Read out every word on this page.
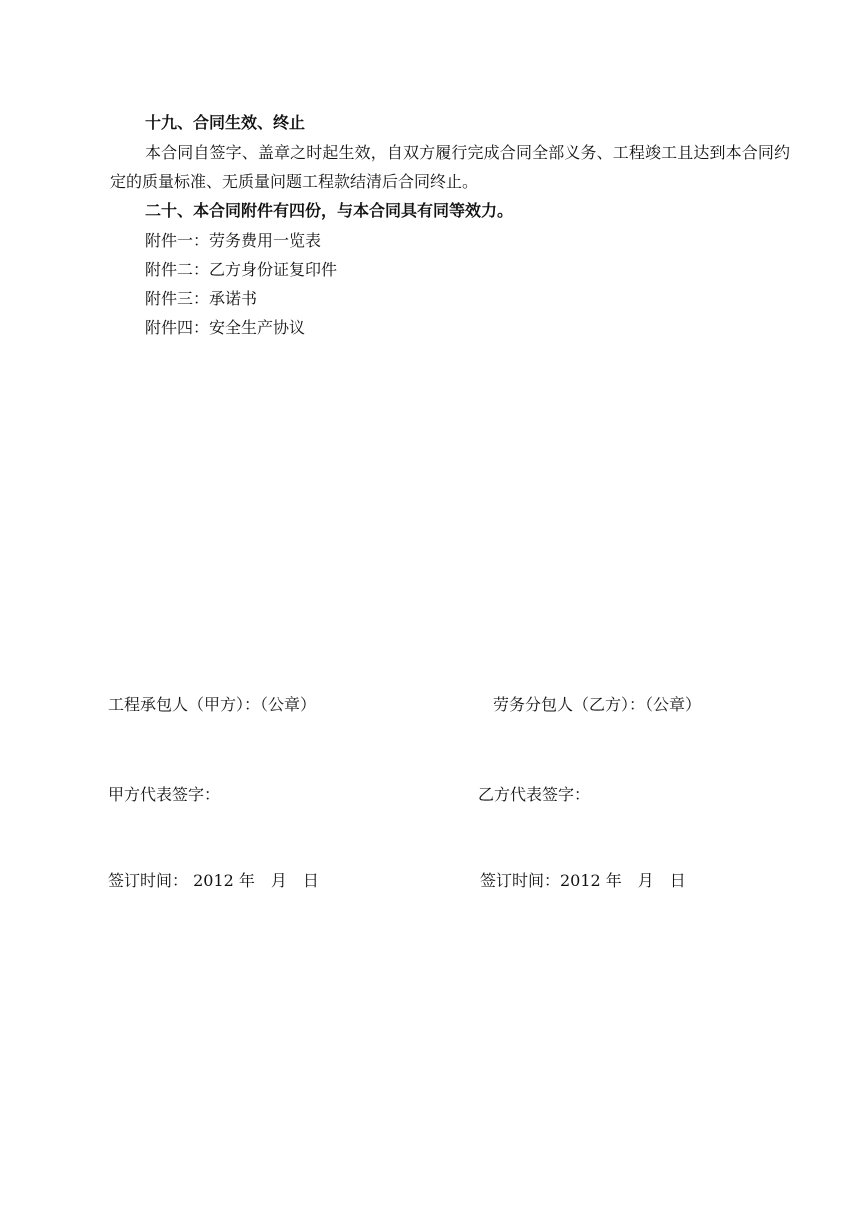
十九、合同生效、终止
本合同自签字、盖章之时起生效，自双方履行完成合同全部义务、工程竣工且达到本合同约定的质量标准、无质量问题工程款结清后合同终止。
二十、本合同附件有四份，与本合同具有同等效力。
附件一：劳务费用一览表
附件二：乙方身份证复印件
附件三：承诺书
附件四：安全生产协议
工程承包人（甲方）：（公章）	劳务分包人（乙方）：（公章）
甲方代表签字：	乙方代表签字：
签订时间： 2012 年　月　日	签订时间：2012 年　月　日
